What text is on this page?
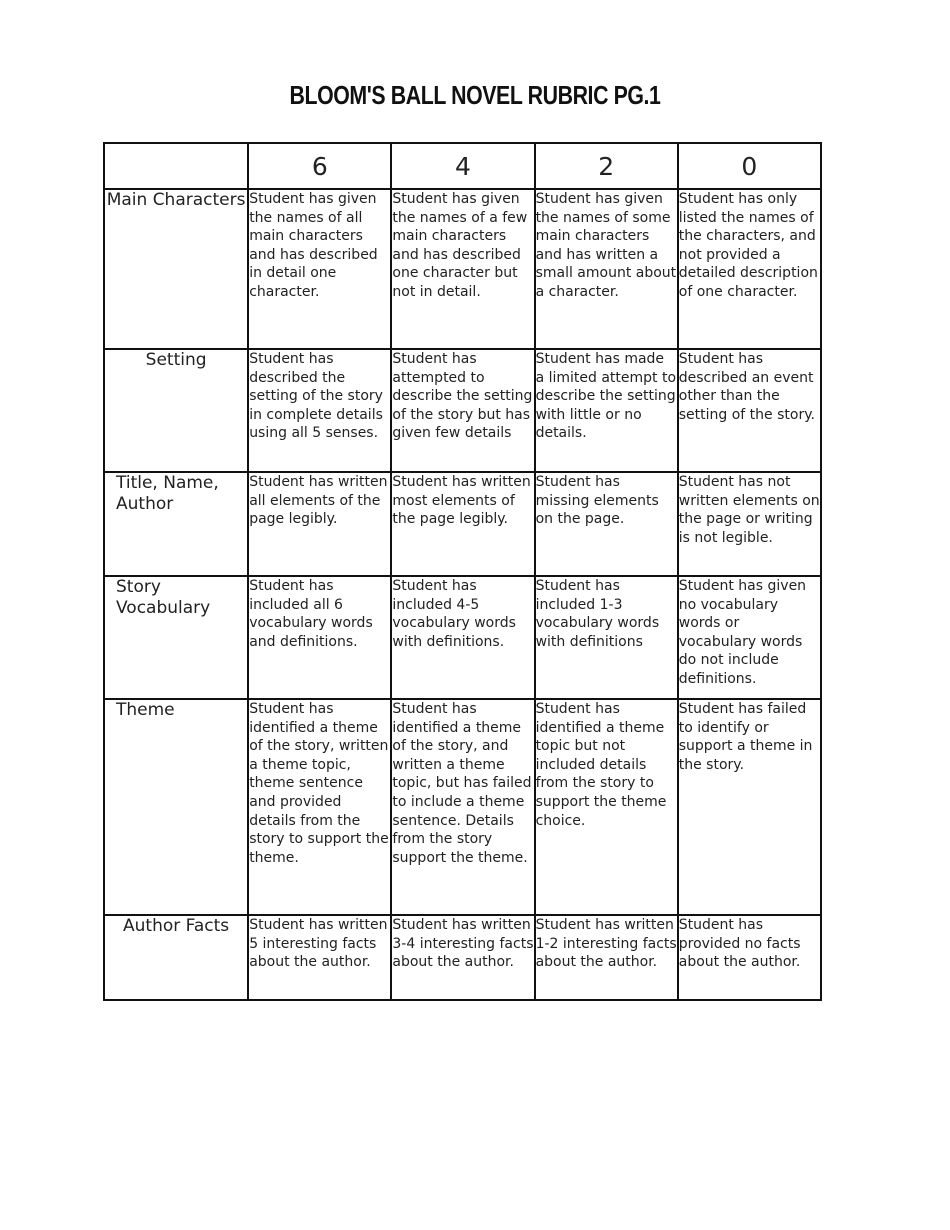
BLOOM'S BALL NOVEL RUBRIC PG.1
	6	4	2	0
Main Characters	Student has given the names of all main characters and has described in detail one character.	Student has given the names of a few main characters and has described one character but not in detail.	Student has given the names of some main characters and has written a small amount about a character.	Student has only listed the names of the characters, and not provided a detailed description of one character.
Setting	Student has described the setting of the story in complete details using all 5 senses.	Student has attempted to describe the setting of the story but has given few details	Student has made a limited attempt to describe the setting with little or no details.	Student has described an event other than the setting of the story.
Title, Name, Author	Student has written all elements of the page legibly.	Student has written most elements of the page legibly.	Student has missing elements on the page.	Student has not written elements on the page or writing is not legible.
Story Vocabulary	Student has included all 6 vocabulary words and definitions.	Student has included 4-5 vocabulary words with definitions.	Student has included 1-3 vocabulary words with definitions	Student has given no vocabulary words or vocabulary words do not include definitions.
Theme	Student has identified a theme of the story, written a theme topic, theme sentence and provided details from the story to support the theme.	Student has identified a theme of the story, and written a theme topic, but has failed to include a theme sentence. Details from the story support the theme.	Student has identified a theme topic but not included details from the story to support the theme choice.	Student has failed to identify or support a theme in the story.
Author Facts	Student has written 5 interesting facts about the author.	Student has written 3-4 interesting facts about the author.	Student has written 1-2 interesting facts about the author.	Student has provided no facts about the author.
